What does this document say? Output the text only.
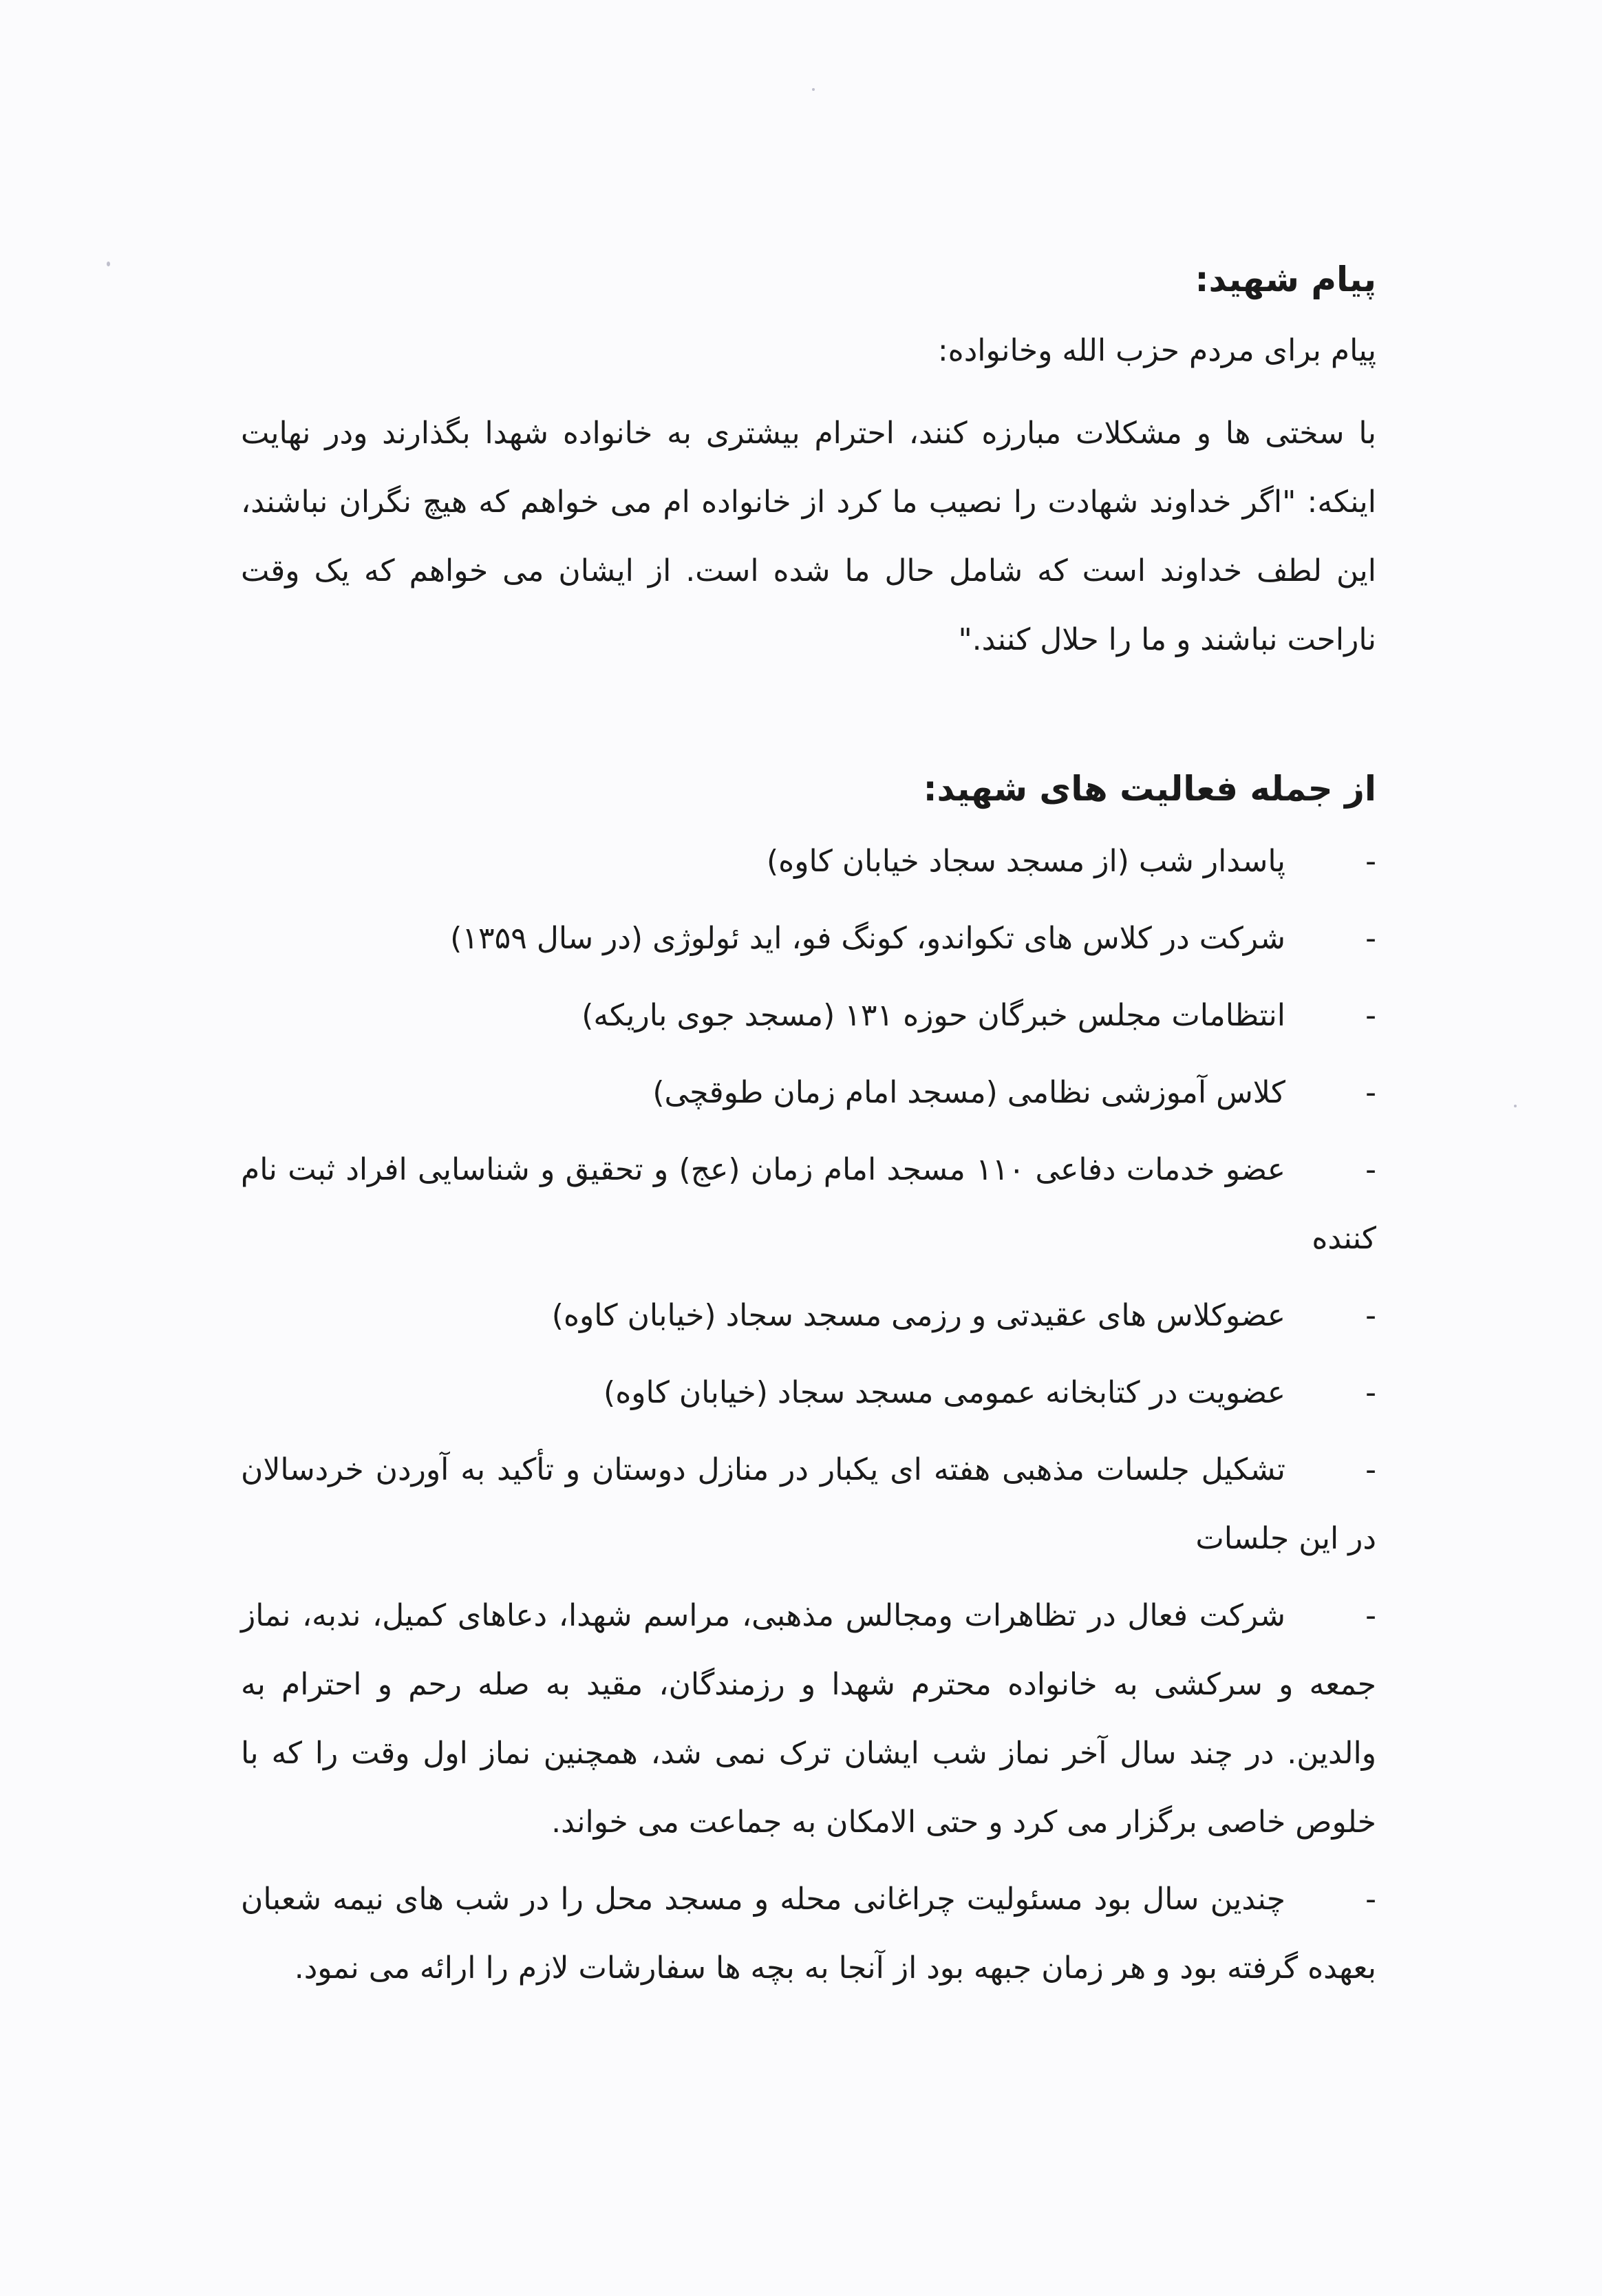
پیام شهید:

پیام برای مردم حزب الله وخانواده:

با سختی ها و مشکلات مبارزه کنند، احترام بیشتری به خانواده شهدا بگذارند ودر نهایت اینکه: "اگر خداوند شهادت را نصیب ما کرد از خانواده ام می خواهم که هیچ نگران نباشند، این لطف خداوند است که شامل حال ما شده است. از ایشان می خواهم که یک وقت ناراحت نباشند و ما را حلال کنند."

از جمله فعالیت های شهید:
-پاسدار شب (از مسجد سجاد خیابان کاوه)
-شرکت در کلاس های تکواندو، کونگ فو، اید ئولوژی (در سال ۱۳۵۹)
-انتظامات مجلس خبرگان حوزه ۱۳۱ (مسجد جوی باریکه)
-کلاس آموزشی نظامی (مسجد امام زمان طوقچی)
-عضو خدمات دفاعی ۱۱۰ مسجد امام زمان (عج) و تحقیق و شناسایی افراد ثبت نام کننده
-عضوکلاس های عقیدتی و رزمی مسجد سجاد (خیابان کاوه)
-عضویت در کتابخانه عمومی مسجد سجاد (خیابان کاوه)
-تشکیل جلسات مذهبی هفته ای یکبار در منازل دوستان و تأکید به آوردن خردسالان در این جلسات
-شرکت فعال در تظاهرات ومجالس مذهبی، مراسم شهدا، دعاهای کمیل، ندبه، نماز جمعه و سرکشی به خانواده محترم شهدا و رزمندگان، مقید به صله رحم و احترام به والدین. در چند سال آخر نماز شب ایشان ترک نمی شد، همچنین نماز اول وقت را که با خلوص خاصی برگزار می کرد و حتی الامکان به جماعت می خواند.
-چندین سال بود مسئولیت چراغانی محله و مسجد محل را در شب های نیمه شعبان بعهده گرفته بود و هر زمان جبهه بود از آنجا به بچه ها سفارشات لازم را ارائه می نمود.
